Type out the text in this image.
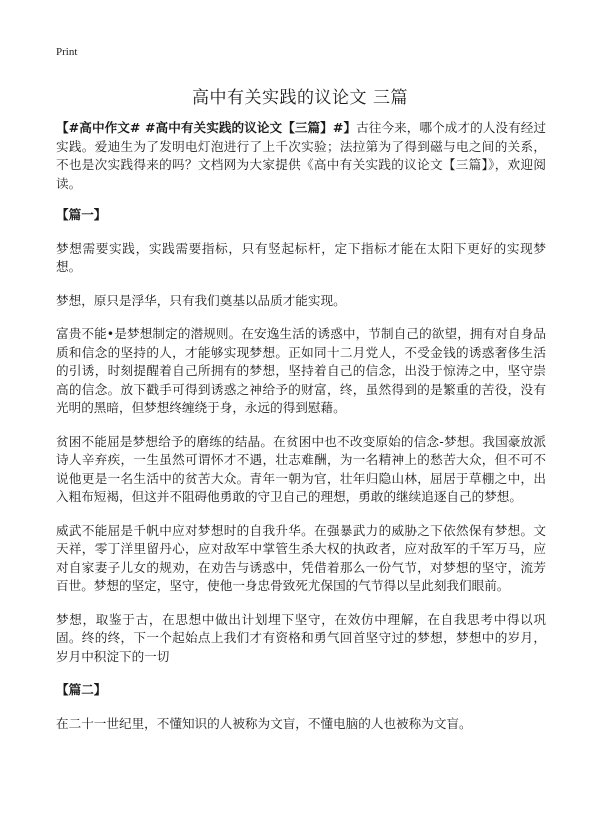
Print
高中有关实践的议论文 三篇

【#高中作文# #高中有关实践的议论文【三篇】#】古往今来，哪个成才的人没有经过实践。爱迪生为了发明电灯泡进行了上千次实验；法拉第为了得到磁与电之间的关系，不也是次实践得来的吗？文档网为大家提供《高中有关实践的议论文【三篇】》，欢迎阅读。

【篇一】

梦想需要实践，实践需要指标，只有竖起标杆，定下指标才能在太阳下更好的实现梦想。

梦想，原只是浮华，只有我们奠基以品质才能实现。

富贵不能•是梦想制定的潜规则。在安逸生活的诱惑中，节制自己的欲望，拥有对自身品质和信念的坚持的人，才能够实现梦想。正如同十二月党人，不受金钱的诱惑奢侈生活的引诱，时刻提醒着自己所拥有的梦想，坚持着自己的信念，出没于惊涛之中，坚守崇高的信念。放下戳手可得到诱惑之神给予的财富，终，虽然得到的是繁重的苦役，没有光明的黑暗，但梦想终缠绕于身，永远的得到慰藉。

贫困不能屈是梦想给予的磨练的结晶。在贫困中也不改变原始的信念-梦想。我国豪放派诗人辛弃疾，一生虽然可谓怀才不遇，壮志难酬，为一名精神上的愁苦大众，但不可不说他更是一名生活中的贫苦大众。青年一朝为官，壮年归隐山林，屈居于草棚之中，出入粗布短褐，但这并不阻碍他勇敢的守卫自己的理想，勇敢的继续追逐自己的梦想。

威武不能屈是千帆中应对梦想时的自我升华。在强暴武力的威胁之下依然保有梦想。文天祥，零丁洋里留丹心，应对敌军中掌管生杀大权的执政者，应对敌军的千军万马，应对自家妻子儿女的规劝，在劝告与诱惑中，凭借着那么一份气节，对梦想的坚守，流芳百世。梦想的坚定，坚守，使他一身忠骨致死尤保国的气节得以呈此刻我们眼前。

梦想，取鉴于古，在思想中做出计划埋下坚守，在效仿中理解，在自我思考中得以巩固。终的终，下一个起始点上我们才有资格和勇气回首坚守过的梦想，梦想中的岁月，岁月中积淀下的一切

【篇二】

在二十一世纪里，不懂知识的人被称为文盲，不懂电脑的人也被称为文盲。
